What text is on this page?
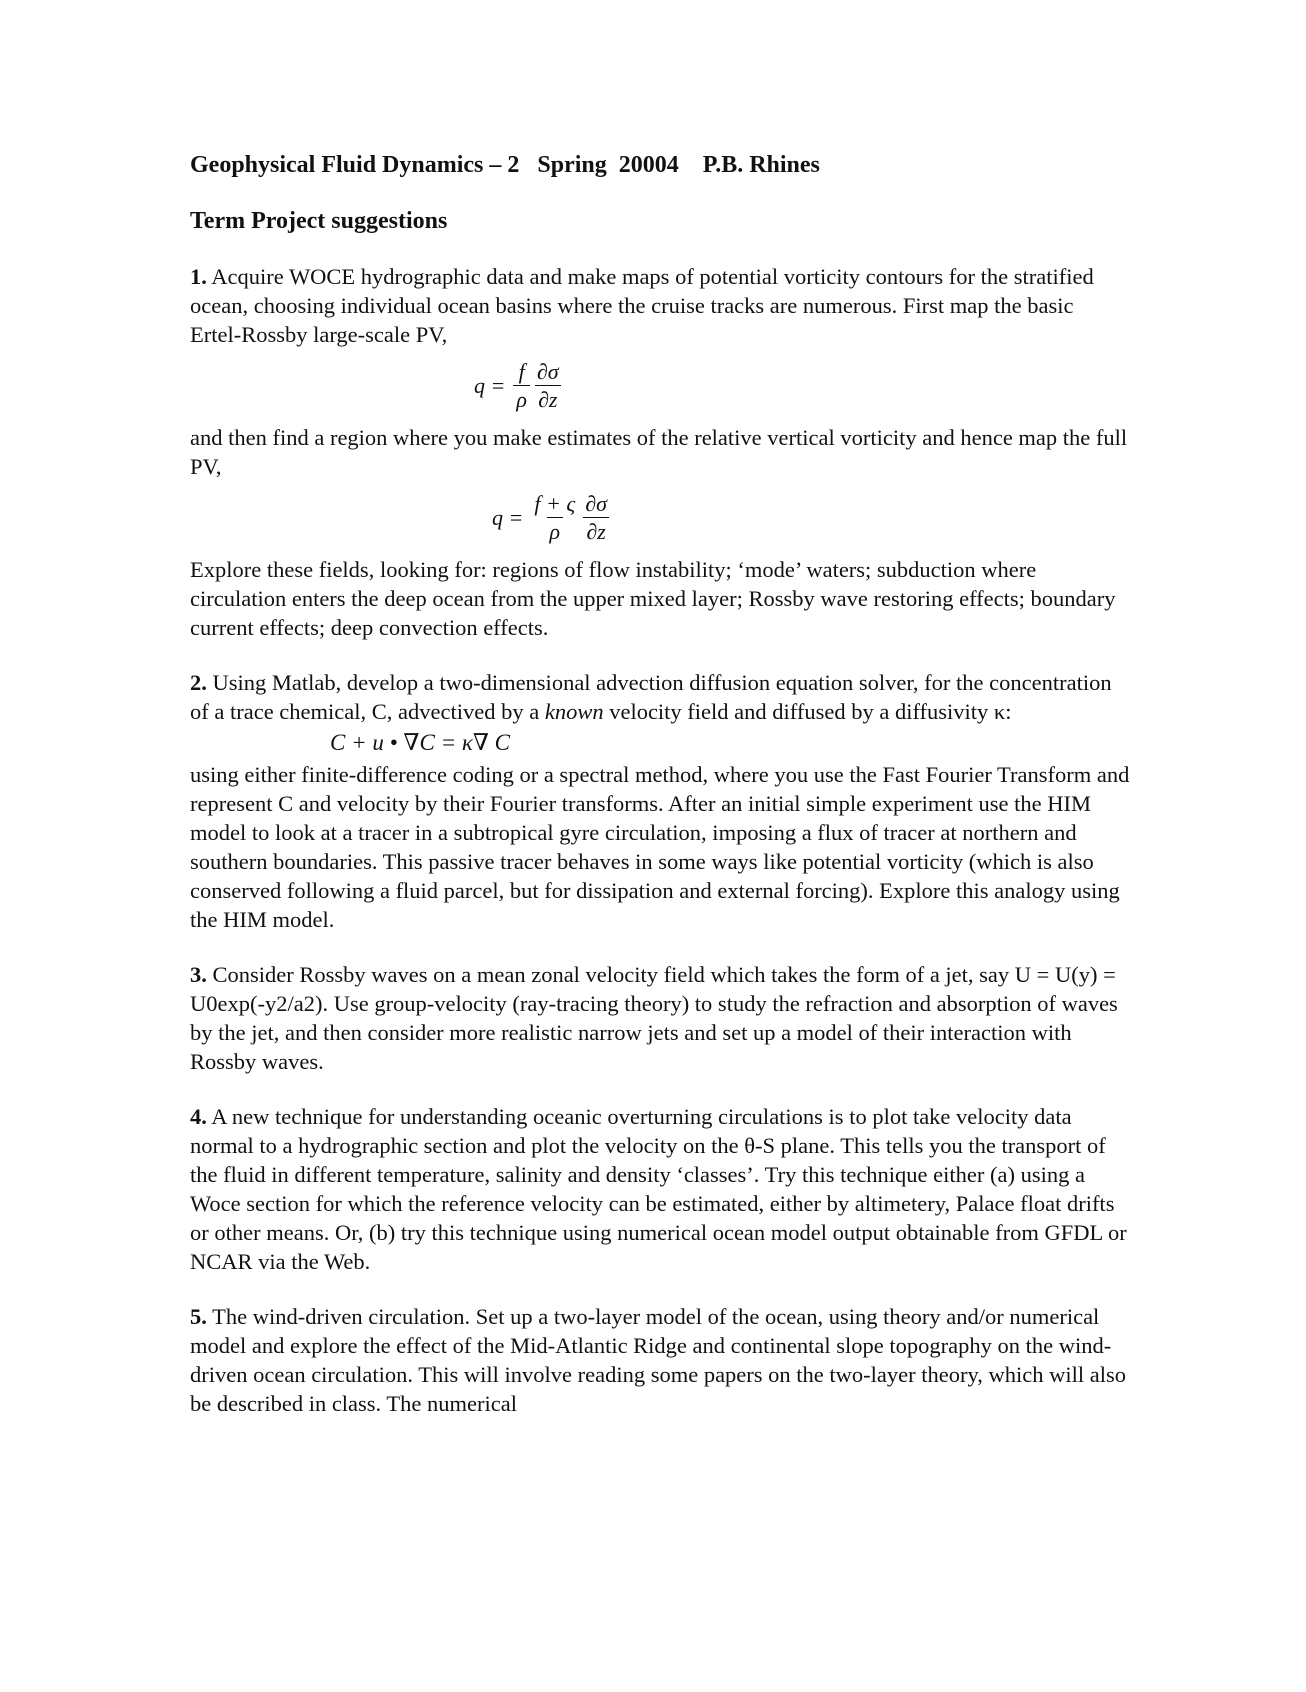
Geophysical Fluid Dynamics – 2   Spring  20004    P.B. Rhines

Term Project suggestions

1. Acquire WOCE hydrographic data and make maps of potential vorticity contours for the stratified ocean, choosing individual ocean basins where the cruise tracks are numerous. First map the basic Ertel-Rossby large-scale PV,

$q = \frac{f}{\rho} \frac{\partial\sigma}{\partial z}$

and then find a region where you make estimates of the relative vertical vorticity and hence map the full PV,

$q = \frac{f + \varsigma}{\rho} \frac{\partial\sigma}{\partial z}$

Explore these fields, looking for: regions of flow instability; ‘mode’ waters; subduction where circulation enters the deep ocean from the upper mixed layer; Rossby wave restoring effects; boundary current effects; deep convection effects.

2. Using Matlab, develop a two-dimensional advection diffusion equation solver, for the concentration of a trace chemical, C, advectived by a known velocity field and diffused by a diffusivity κ:

C + u • ∇C = κ∇ C

using either finite-difference coding or a spectral method, where you use the Fast Fourier Transform and represent C and velocity by their Fourier transforms. After an initial simple experiment use the HIM model to look at a tracer in a subtropical gyre circulation, imposing a flux of tracer at northern and southern boundaries. This passive tracer behaves in some ways like potential vorticity (which is also conserved following a fluid parcel, but for dissipation and external forcing). Explore this analogy using the HIM model.

3. Consider Rossby waves on a mean zonal velocity field which takes the form of a jet, say U = U(y) = U0exp(-y2/a2). Use group-velocity (ray-tracing theory) to study the refraction and absorption of waves by the jet, and then consider more realistic narrow jets and set up a model of their interaction with Rossby waves.

4. A new technique for understanding oceanic overturning circulations is to plot take velocity data normal to a hydrographic section and plot the velocity on the θ-S plane. This tells you the transport of the fluid in different temperature, salinity and density ‘classes’. Try this technique either (a) using a Woce section for which the reference velocity can be estimated, either by altimetery, Palace float drifts or other means. Or, (b) try this technique using numerical ocean model output obtainable from GFDL or NCAR via the Web.

5. The wind-driven circulation. Set up a two-layer model of the ocean, using theory and/or numerical model and explore the effect of the Mid-Atlantic Ridge and continental slope topography on the wind-driven ocean circulation. This will involve reading some papers on the two-layer theory, which will also be described in class. The numerical
